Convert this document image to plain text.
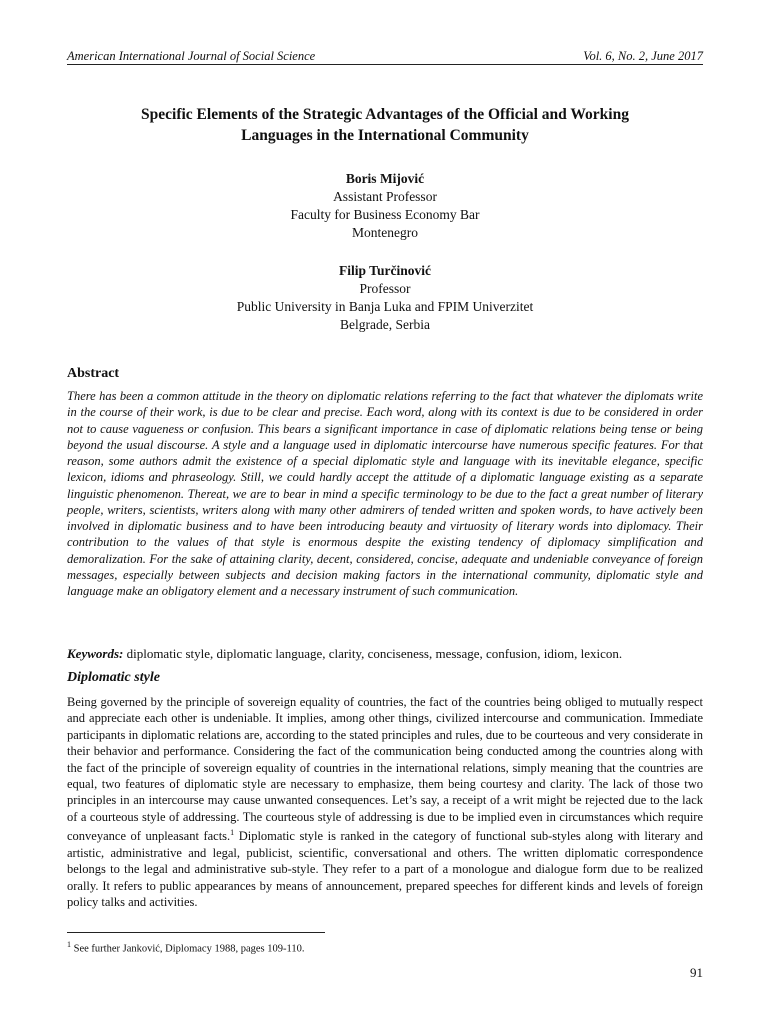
American International Journal of Social Science	Vol. 6, No. 2, June 2017
Specific Elements of the Strategic Advantages of the Official and Working
Languages in the International Community
Boris Mijović
Assistant Professor
Faculty for Business Economy Bar
Montenegro
Filip Turčinović
Professor
Public University in Banja Luka and FPIM Univerzitet
Belgrade, Serbia
Abstract
There has been a common attitude in the theory on diplomatic relations referring to the fact that whatever the diplomats write in the course of their work, is due to be clear and precise. Each word, along with its context is due to be considered in order not to cause vagueness or confusion. This bears a significant importance in case of diplomatic relations being tense or being beyond the usual discourse. A style and a language used in diplomatic intercourse have numerous specific features. For that reason, some authors admit the existence of a special diplomatic style and language with its inevitable elegance, specific lexicon, idioms and phraseology. Still, we could hardly accept the attitude of a diplomatic language existing as a separate linguistic phenomenon. Thereat, we are to bear in mind a specific terminology to be due to the fact a great number of literary people, writers, scientists, writers along with many other admirers of tended written and spoken words, to have actively been involved in diplomatic business and to have been introducing beauty and virtuosity of literary words into diplomacy. Their contribution to the values of that style is enormous despite the existing tendency of diplomacy simplification and demoralization. For the sake of attaining clarity, decent, considered, concise, adequate and undeniable conveyance of foreign messages, especially between subjects and decision making factors in the international community, diplomatic style and language make an obligatory element and a necessary instrument of such communication.
Keywords: diplomatic style, diplomatic language, clarity, conciseness, message, confusion, idiom, lexicon.
Diplomatic style
Being governed by the principle of sovereign equality of countries, the fact of the countries being obliged to mutually respect and appreciate each other is undeniable. It implies, among other things, civilized intercourse and communication. Immediate participants in diplomatic relations are, according to the stated principles and rules, due to be courteous and very considerate in their behavior and performance. Considering the fact of the communication being conducted among the countries along with the fact of the principle of sovereign equality of countries in the international relations, simply meaning that the countries are equal, two features of diplomatic style are necessary to emphasize, them being courtesy and clarity. The lack of those two principles in an intercourse may cause unwanted consequences. Let’s say, a receipt of a writ might be rejected due to the lack of a courteous style of addressing. The courteous style of addressing is due to be implied even in circumstances which require conveyance of unpleasant facts.$^1$ Diplomatic style is ranked in the category of functional sub-styles along with literary and artistic, administrative and legal, publicist, scientific, conversational and others. The written diplomatic correspondence belongs to the legal and administrative sub-style. They refer to a part of a monologue and dialogue form due to be realized orally. It refers to public appearances by means of announcement, prepared speeches for different kinds and levels of foreign policy talks and activities.
$^1$ See further Janković, Diplomacy 1988, pages 109-110.
91
